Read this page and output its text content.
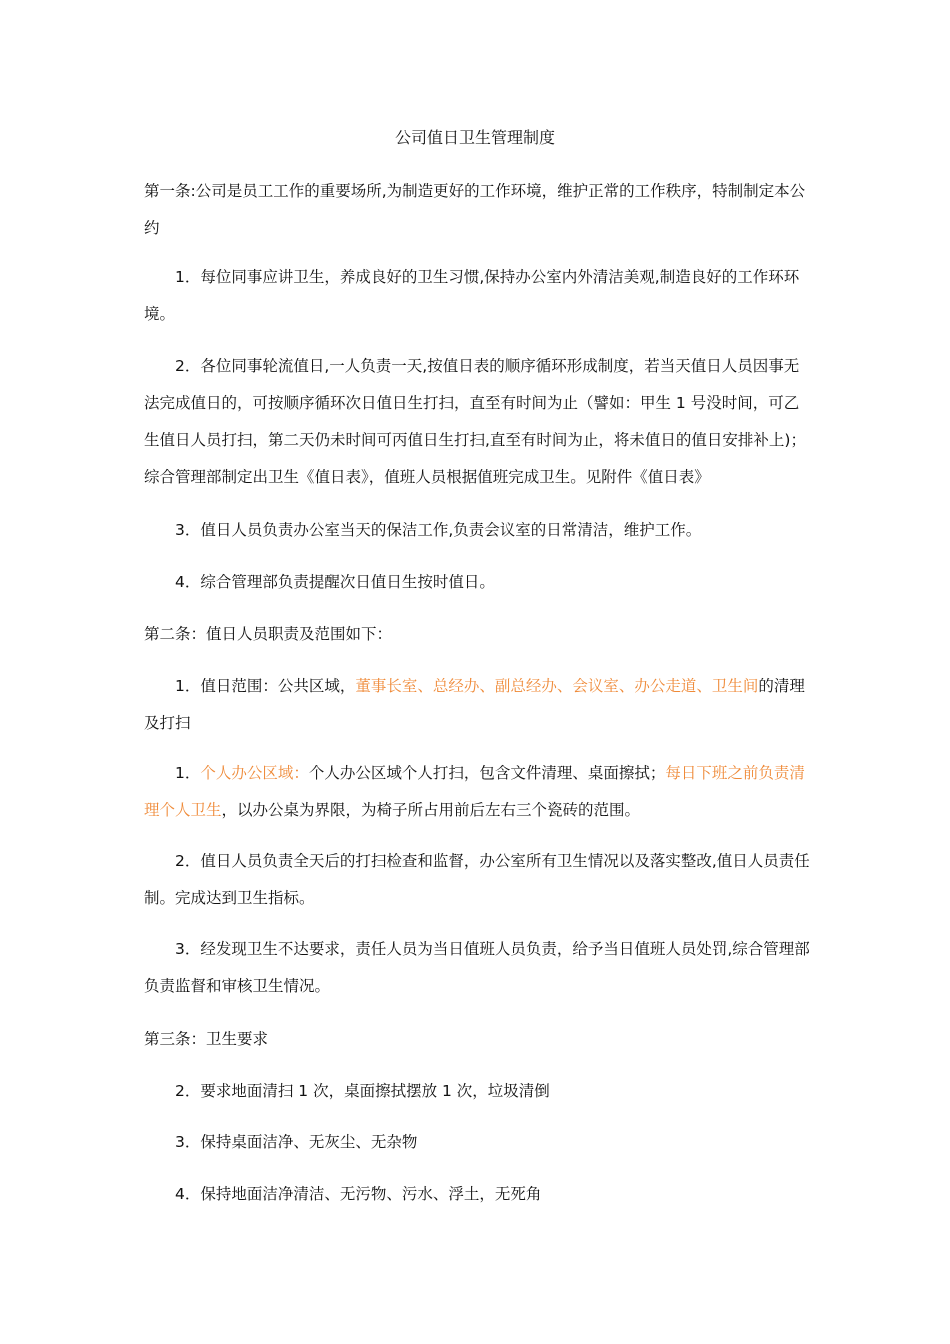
公司值日卫生管理制度

第一条:公司是员工工作的重要场所,为制造更好的工作环境，维护正常的工作秩序，特制制定本公约

1．每位同事应讲卫生，养成良好的卫生习惯,保持办公室内外清洁美观,制造良好的工作环环境。

2．各位同事轮流值日,一人负责一天,按值日表的顺序循环形成制度，若当天值日人员因事无法完成值日的，可按顺序循环次日值日生打扫，直至有时间为止（譬如：甲生 1 号没时间，可乙生值日人员打扫，第二天仍未时间可丙值日生打扫,直至有时间为止，将未值日的值日安排补上)；综合管理部制定出卫生《值日表》，值班人员根据值班完成卫生。见附件《值日表》

3．值日人员负责办公室当天的保洁工作,负责会议室的日常清洁，维护工作。

4．综合管理部负责提醒次日值日生按时值日。

第二条：值日人员职责及范围如下：

1．值日范围：公共区域，董事长室、总经办、副总经办、会议室、办公走道、卫生间的清理及打扫

1．个人办公区域：个人办公区域个人打扫，包含文件清理、桌面擦拭；每日下班之前负责清理个人卫生，以办公桌为界限，为椅子所占用前后左右三个瓷砖的范围。

2．值日人员负责全天后的打扫检查和监督，办公室所有卫生情况以及落实整改,值日人员责任制。完成达到卫生指标。

3．经发现卫生不达要求，责任人员为当日值班人员负责，给予当日值班人员处罚,综合管理部负责监督和审核卫生情况。

第三条：卫生要求

2．要求地面清扫 1 次，桌面擦拭摆放 1 次，垃圾清倒

3．保持桌面洁净、无灰尘、无杂物

4．保持地面洁净清洁、无污物、污水、浮土，无死角
